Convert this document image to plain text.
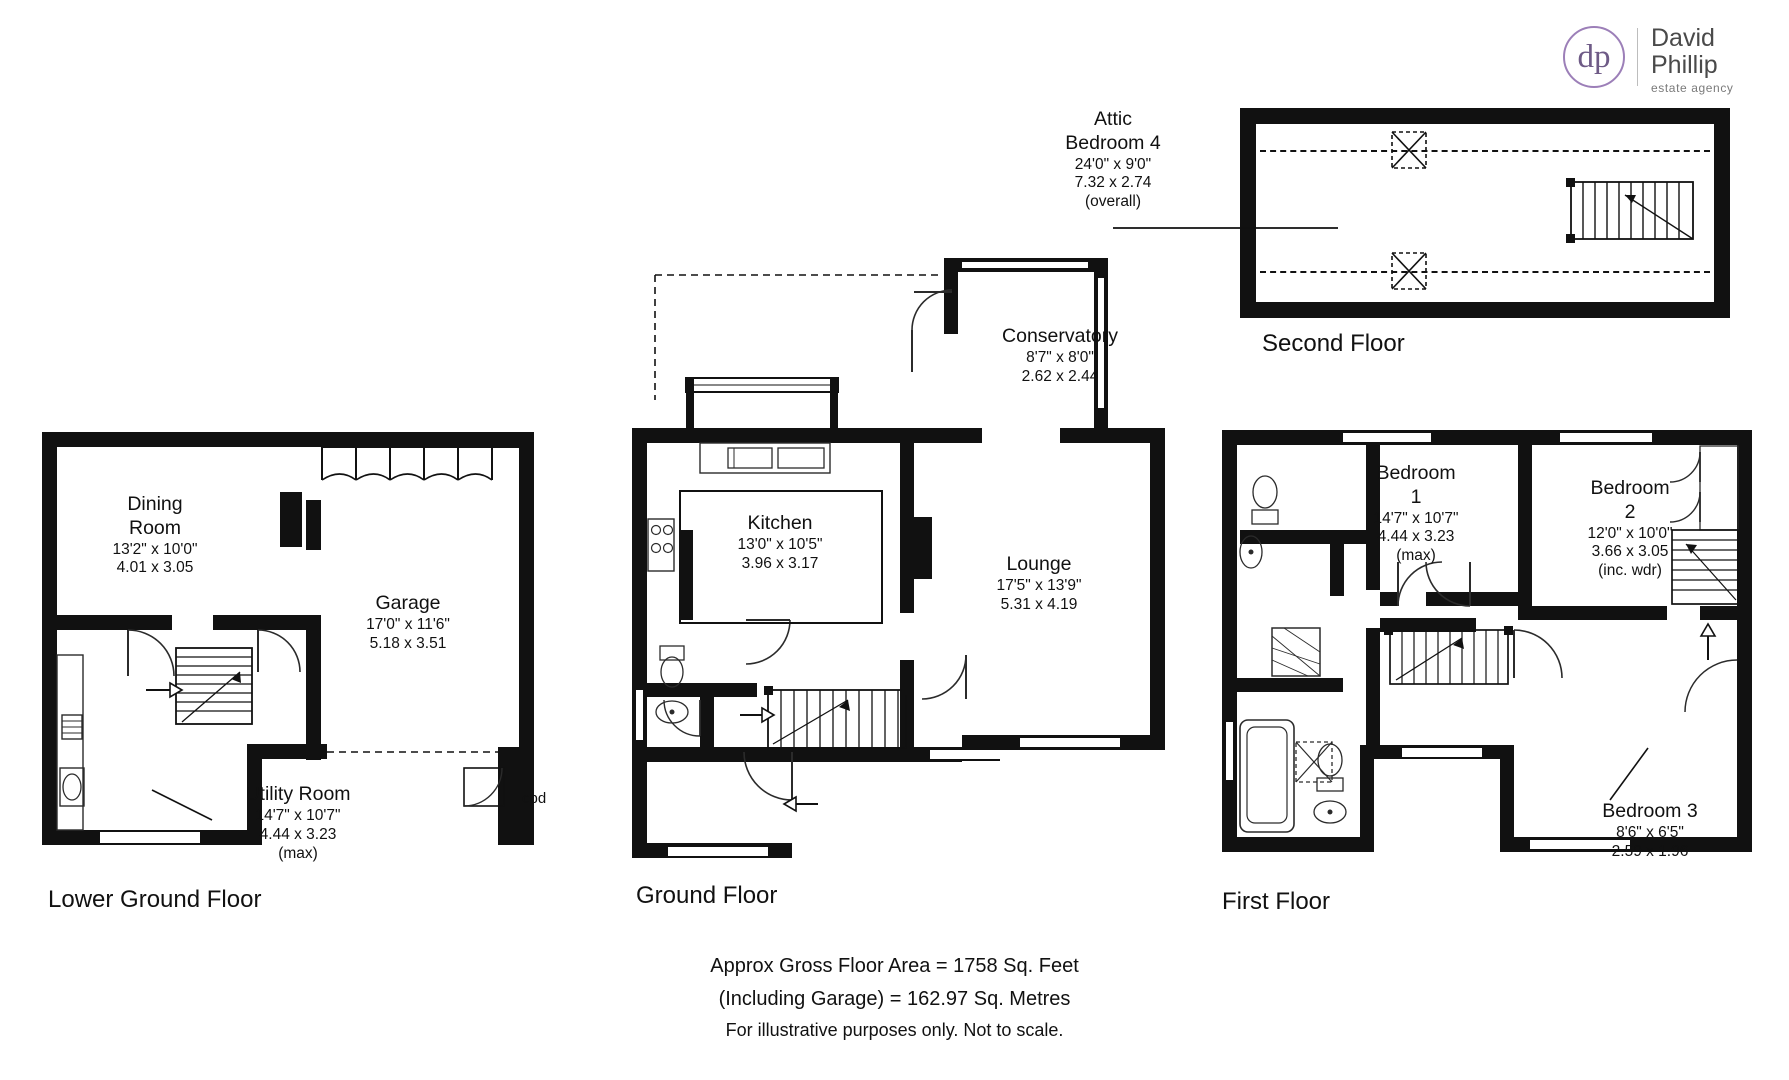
dp
David
Phillip
estate agency
Attic
Bedroom 4
24'0" x 9'0"
7.32 x 2.74
(overall)
Second Floor
Dining
Room
13'2" x 10'0"
4.01 x 3.05
Garage
17'0" x 11'6"
5.18 x 3.51
Utility Room
14'7" x 10'7"
4.44 x 3.23
(max)
cpd
Lower Ground Floor
Conservatory
8'7" x 8'0"
2.62 x 2.44
Kitchen
13'0" x 10'5"
3.96 x 3.17	Lounge
17'5" x 13'9"
5.31 x 4.19
Ground Floor
Bedroom
1
14'7" x 10'7"
4.44 x 3.23
(max)
Bedroom
2
12'0" x 10'0"
3.66 x 3.05
(inc. wdr)
Bedroom 3
8'6" x 6'5"
2.59 x 1.96
First Floor
Approx Gross Floor Area = 1758 Sq. Feet
(Including Garage) = 162.97 Sq. Metres
For illustrative purposes only. Not to scale.
